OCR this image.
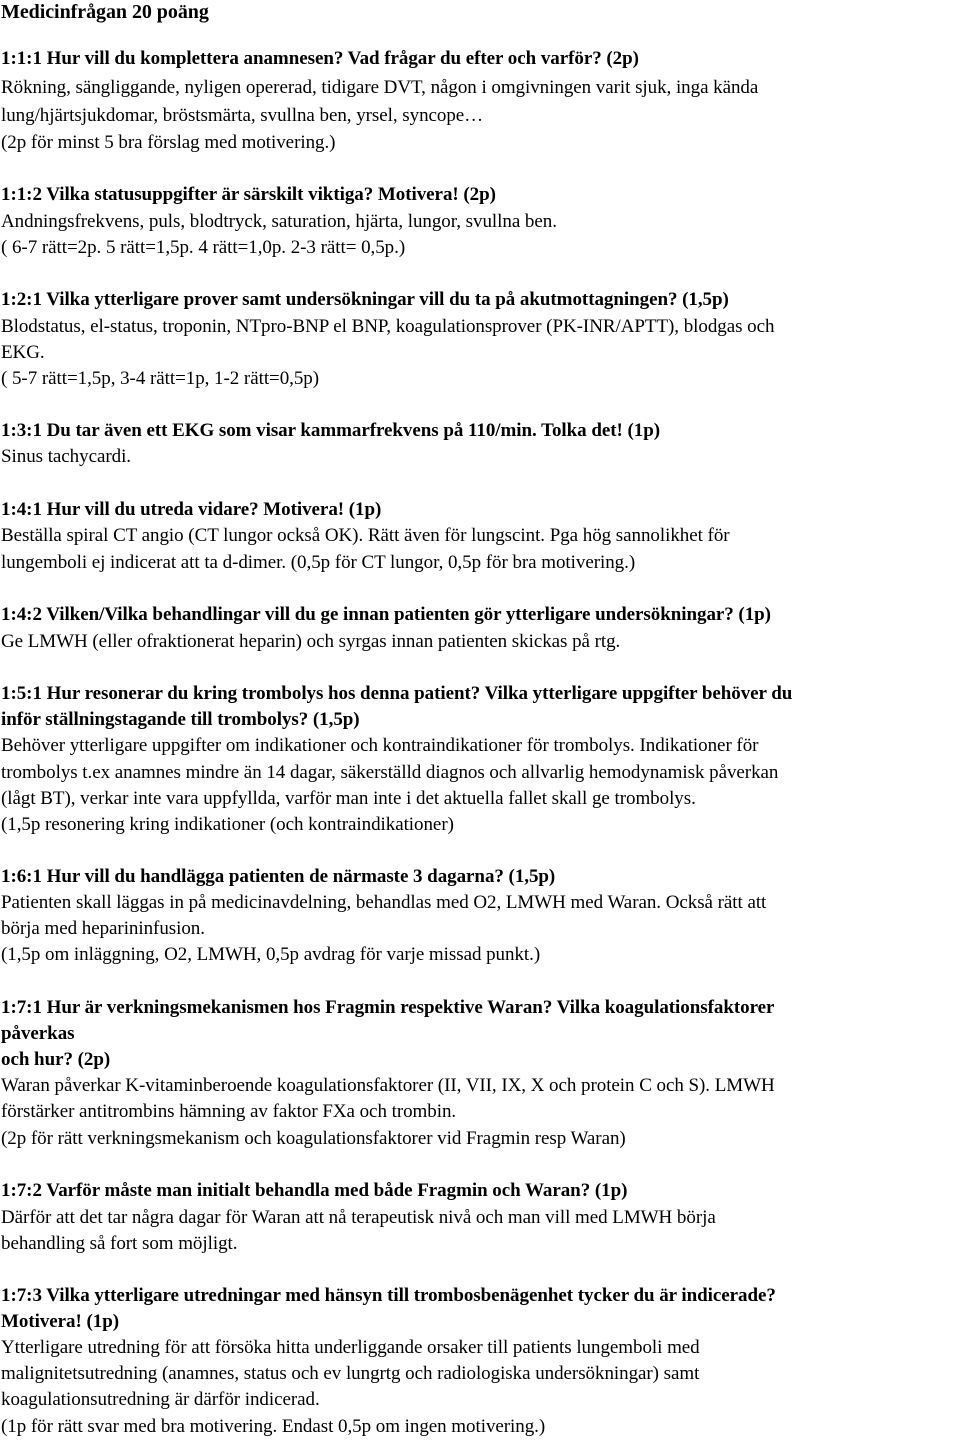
Medicinfrågan 20 poäng
1:1:1 Hur vill du komplettera anamnesen? Vad frågar du efter och varför? (2p)
Rökning, sängliggande, nyligen opererad, tidigare DVT, någon i omgivningen varit sjuk, inga kända
lung/hjärtsjukdomar, bröstsmärta, svullna ben, yrsel, syncope…
(2p för minst 5 bra förslag med motivering.)
1:1:2 Vilka statusuppgifter är särskilt viktiga? Motivera! (2p)
Andningsfrekvens, puls, blodtryck, saturation, hjärta, lungor, svullna ben.
( 6-7 rätt=2p. 5 rätt=1,5p. 4 rätt=1,0p. 2-3 rätt= 0,5p.)
1:2:1 Vilka ytterligare prover samt undersökningar vill du ta på akutmottagningen? (1,5p)
Blodstatus, el-status, troponin, NTpro-BNP el BNP, koagulationsprover (PK-INR/APTT), blodgas och
EKG.
( 5-7 rätt=1,5p, 3-4 rätt=1p, 1-2 rätt=0,5p)
1:3:1 Du tar även ett EKG som visar kammarfrekvens på 110/min. Tolka det! (1p)
Sinus tachycardi.
1:4:1 Hur vill du utreda vidare? Motivera! (1p)
Beställa spiral CT angio (CT lungor också OK). Rätt även för lungscint. Pga hög sannolikhet för
lungemboli ej indicerat att ta d-dimer. (0,5p för CT lungor, 0,5p för bra motivering.)
1:4:2 Vilken/Vilka behandlingar vill du ge innan patienten gör ytterligare undersökningar? (1p)
Ge LMWH (eller ofraktionerat heparin) och syrgas innan patienten skickas på rtg.
1:5:1 Hur resonerar du kring trombolys hos denna patient? Vilka ytterligare uppgifter behöver du
inför ställningstagande till trombolys? (1,5p)
Behöver ytterligare uppgifter om indikationer och kontraindikationer för trombolys. Indikationer för
trombolys t.ex anamnes mindre än 14 dagar, säkerställd diagnos och allvarlig hemodynamisk påverkan
(lågt BT), verkar inte vara uppfyllda, varför man inte i det aktuella fallet skall ge trombolys.
(1,5p resonering kring indikationer (och kontraindikationer)
1:6:1 Hur vill du handlägga patienten de närmaste 3 dagarna? (1,5p)
Patienten skall läggas in på medicinavdelning, behandlas med O2, LMWH med Waran. Också rätt att
börja med heparininfusion.
(1,5p om inläggning, O2, LMWH, 0,5p avdrag för varje missad punkt.)
1:7:1 Hur är verkningsmekanismen hos Fragmin respektive Waran? Vilka koagulationsfaktorer
påverkas
och hur? (2p)
Waran påverkar K-vitaminberoende koagulationsfaktorer (II, VII, IX, X och protein C och S). LMWH
förstärker antitrombins hämning av faktor FXa och trombin.
(2p för rätt verkningsmekanism och koagulationsfaktorer vid Fragmin resp Waran)
1:7:2 Varför måste man initialt behandla med både Fragmin och Waran? (1p)
Därför att det tar några dagar för Waran att nå terapeutisk nivå och man vill med LMWH börja
behandling så fort som möjligt.
1:7:3 Vilka ytterligare utredningar med hänsyn till trombosbenägenhet tycker du är indicerade?
Motivera! (1p)
Ytterligare utredning för att försöka hitta underliggande orsaker till patients lungemboli med
malignitetsutredning (anamnes, status och ev lungrtg och radiologiska undersökningar) samt
koagulationsutredning är därför indicerad.
(1p för rätt svar med bra motivering. Endast 0,5p om ingen motivering.)
